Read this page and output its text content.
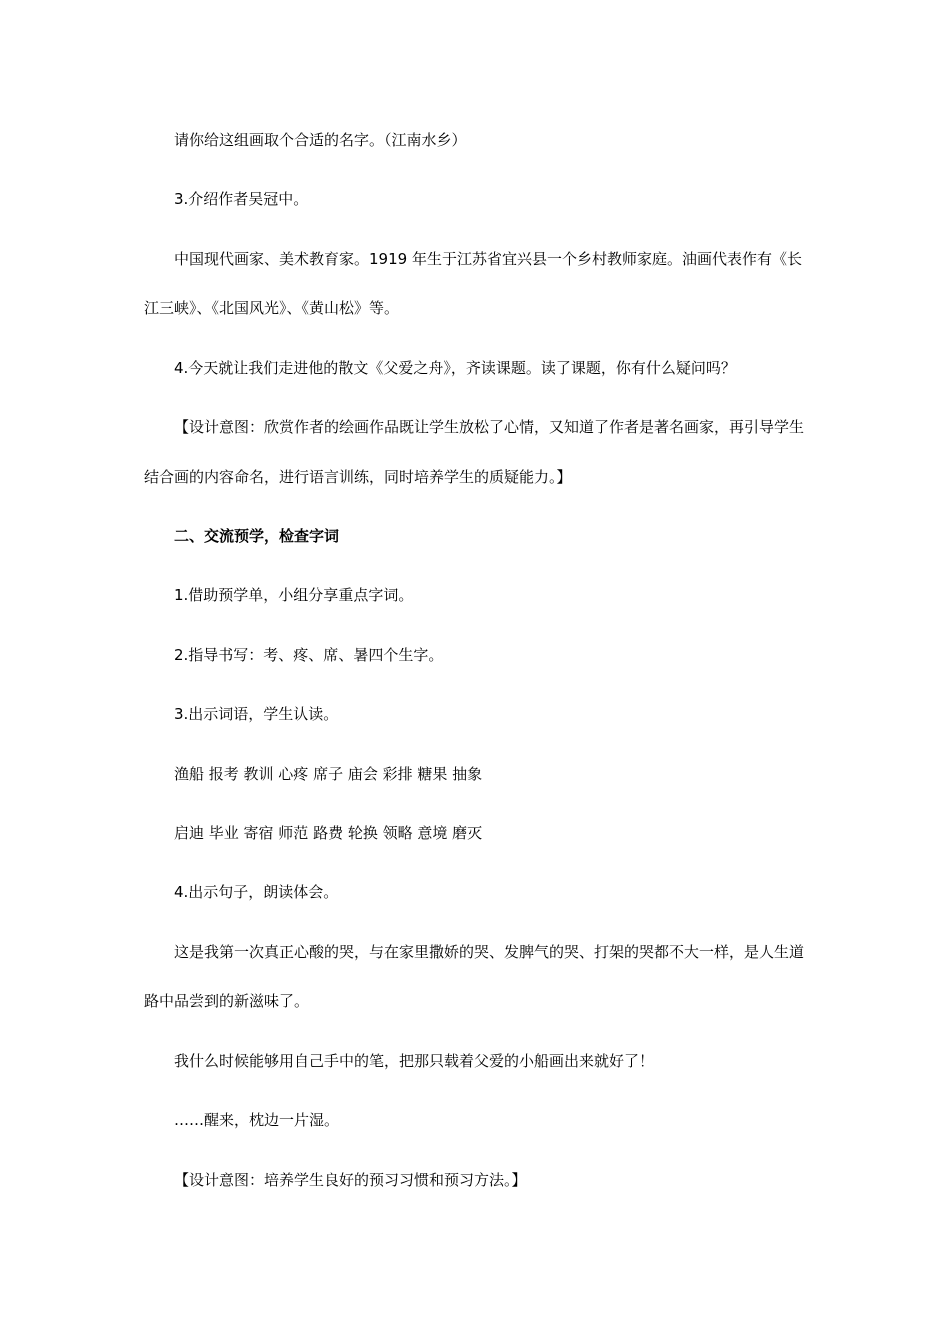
请你给这组画取个合适的名字。（江南水乡）
3.介绍作者吴冠中。
中国现代画家、美术教育家。1919 年生于江苏省宜兴县一个乡村教师家庭。油画代表作有《长
江三峡》、《北国风光》、《黄山松》等。
4.今天就让我们走进他的散文《父爱之舟》，齐读课题。读了课题，你有什么疑问吗？
【设计意图：欣赏作者的绘画作品既让学生放松了心情，又知道了作者是著名画家，再引导学生
结合画的内容命名，进行语言训练，同时培养学生的质疑能力。】
二、交流预学，检查字词
1.借助预学单，小组分享重点字词。
2.指导书写：考、疼、席、暑四个生字。
3.出示词语，学生认读。
渔船 报考 教训 心疼 席子 庙会 彩排 糖果 抽象
启迪 毕业 寄宿 师范 路费 轮换 领略 意境 磨灭
4.出示句子，朗读体会。
这是我第一次真正心酸的哭，与在家里撒娇的哭、发脾气的哭、打架的哭都不大一样，是人生道
路中品尝到的新滋味了。
我什么时候能够用自己手中的笔，把那只载着父爱的小船画出来就好了！
……醒来，枕边一片湿。
【设计意图：培养学生良好的预习习惯和预习方法。】
